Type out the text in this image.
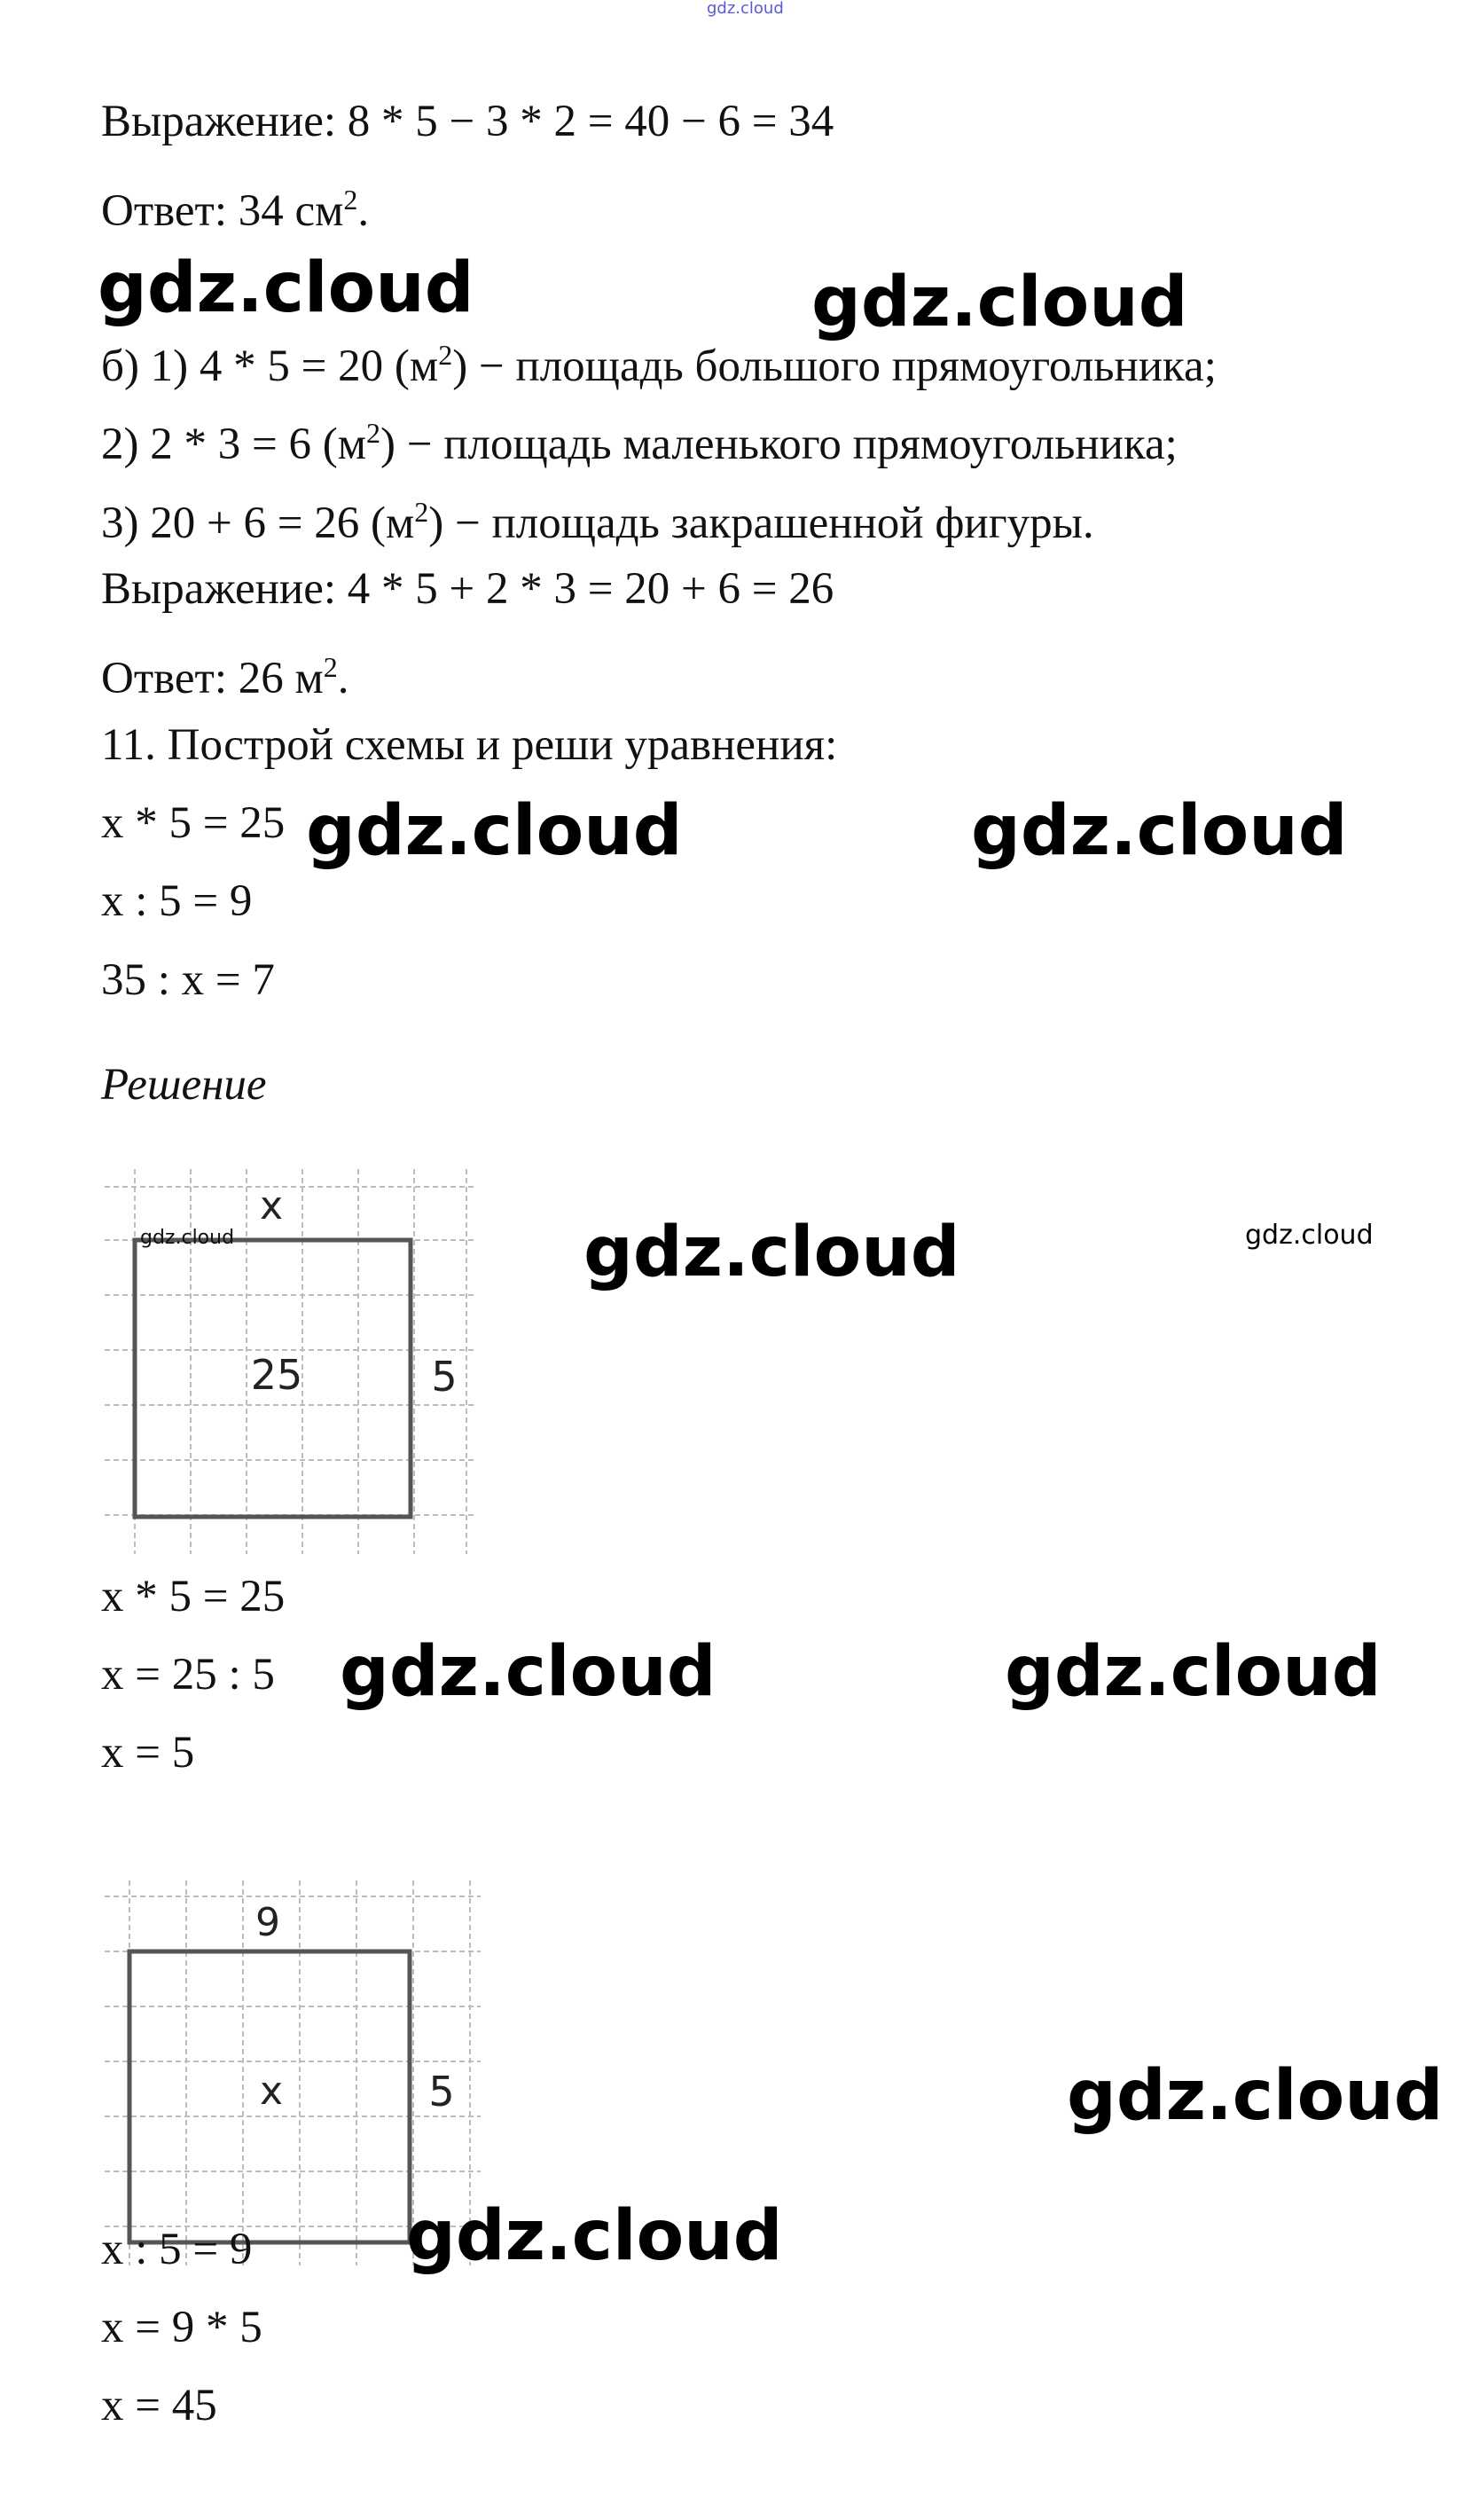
gdz.cloud
Выражение: 8 * 5 − 3 * 2 = 40 − 6 = 34
Ответ: 34 $см^2$.
б) 1) 4 * 5 = 20 $(м^2)$ − площадь большого прямоугольника;
2) 2 * 3 = 6 $(м^2)$ − площадь маленького прямоугольника;
3) 20 + 6 = 26 $(м^2)$ − площадь закрашенной фигуры.
Выражение: 4 * 5 + 2 * 3 = 20 + 6 = 26
Ответ: 26 $м^2$.
11. Построй схемы и реши уравнения:
x * 5 = 25
x : 5 = 9
35 : x = 7
Решение
x
25	5
gdz.cloud
x * 5 = 25
x = 25 : 5
x = 5
9
x	5
x : 5 = 9
x = 9 * 5
x = 45
gdz.cloud	gdz.cloud
gdz.cloud	gdz.cloud
gdz.cloud	gdz.cloud
gdz.cloud	gdz.cloud
gdz.cloud
gdz.cloud
